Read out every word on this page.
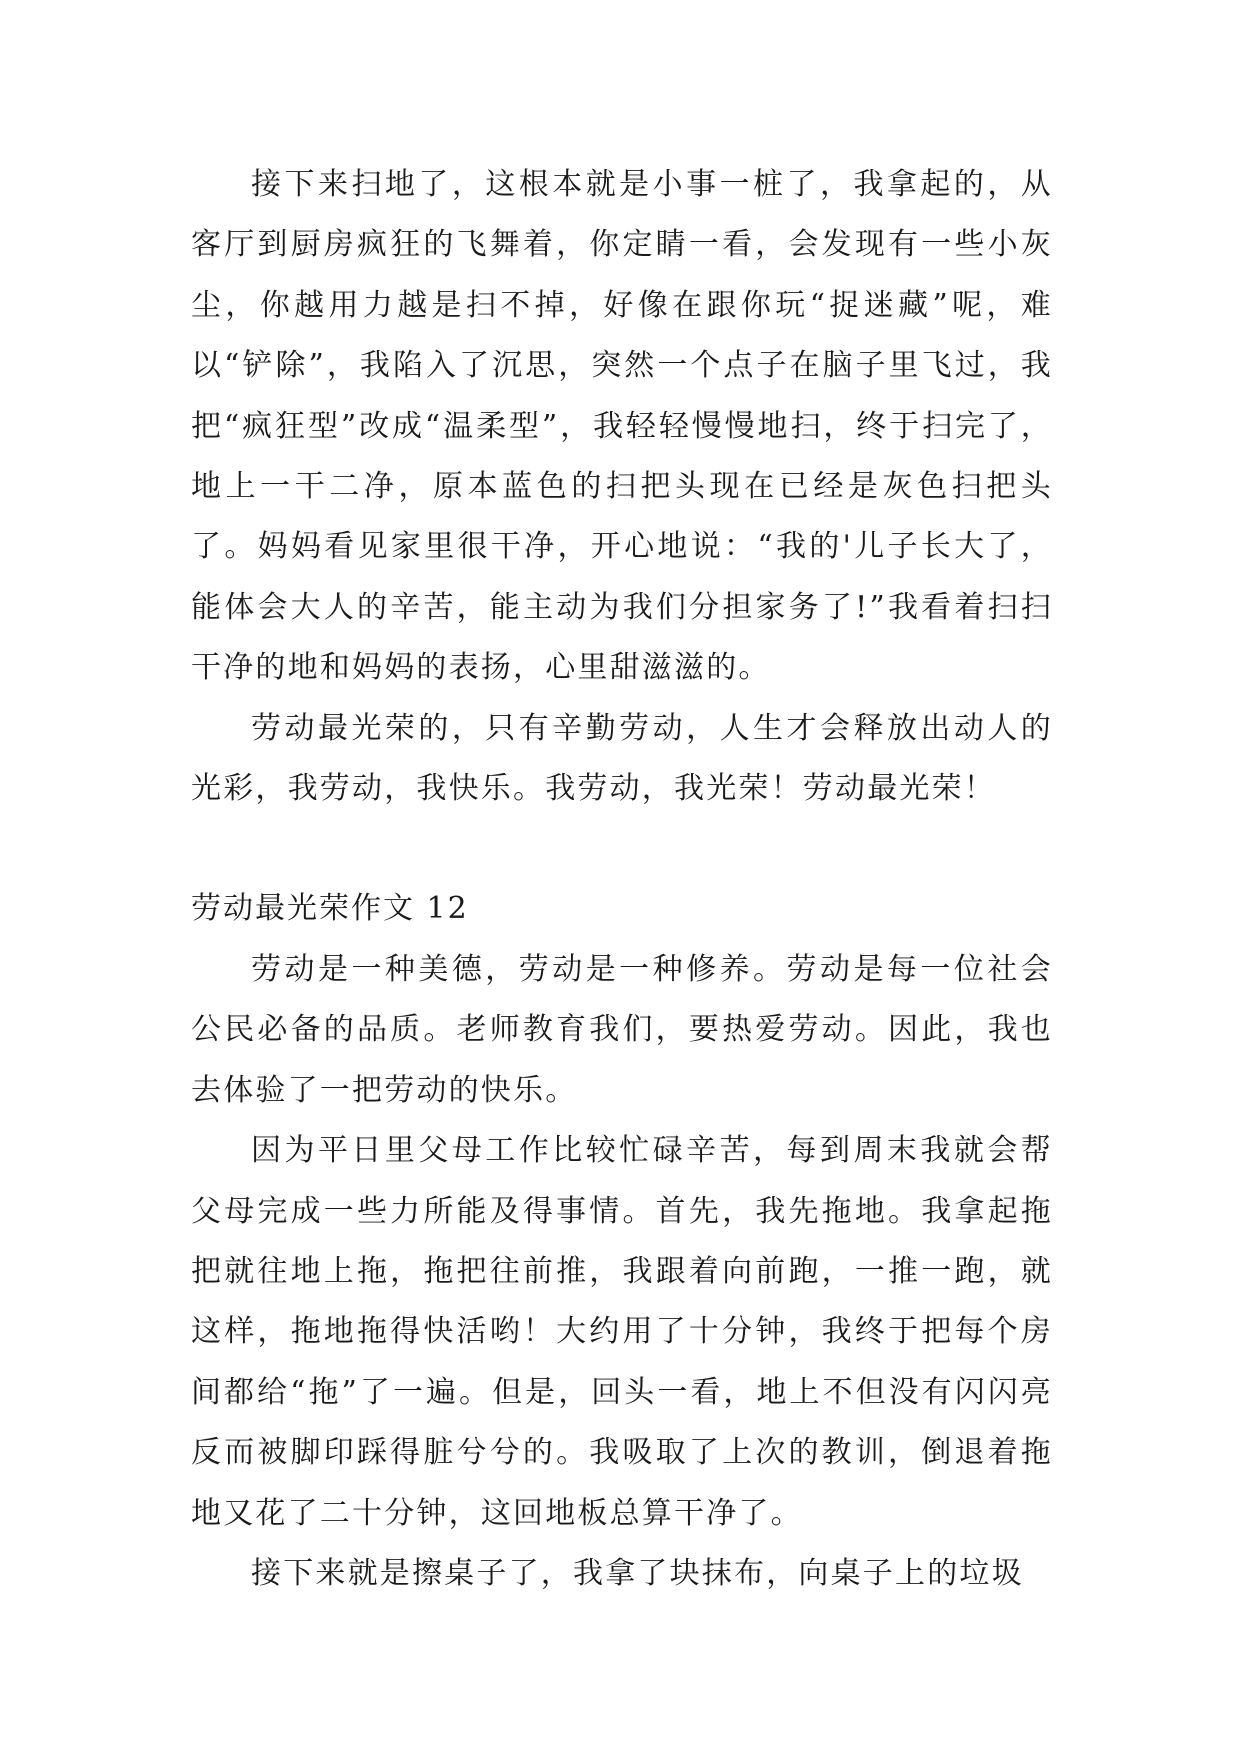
接下来扫地了，这根本就是小事一桩了，我拿起的，从客厅到厨房疯狂的飞舞着，你定睛一看，会发现有一些小灰尘，你越用力越是扫不掉，好像在跟你玩“捉迷藏”呢，难以“铲除”，我陷入了沉思，突然一个点子在脑子里飞过，我把“疯狂型”改成“温柔型”，我轻轻慢慢地扫，终于扫完了，地上一干二净，原本蓝色的扫把头现在已经是灰色扫把头了。妈妈看见家里很干净，开心地说：“我的'儿子长大了，能体会大人的辛苦，能主动为我们分担家务了!”我看着扫扫干净的地和妈妈的表扬，心里甜滋滋的。

劳动最光荣的，只有辛勤劳动，人生才会释放出动人的光彩，我劳动，我快乐。我劳动，我光荣！劳动最光荣！

劳动最光荣作文 12

劳动是一种美德，劳动是一种修养。劳动是每一位社会公民必备的品质。老师教育我们，要热爱劳动。因此，我也去体验了一把劳动的快乐。

因为平日里父母工作比较忙碌辛苦，每到周末我就会帮父母完成一些力所能及得事情。首先，我先拖地。我拿起拖把就往地上拖，拖把往前推，我跟着向前跑，一推一跑，就这样，拖地拖得快活哟！大约用了十分钟，我终于把每个房间都给“拖”了一遍。但是，回头一看，地上不但没有闪闪亮反而被脚印踩得脏兮兮的。我吸取了上次的教训，倒退着拖地又花了二十分钟，这回地板总算干净了。

接下来就是擦桌子了，我拿了块抹布，向桌子上的垃圾
